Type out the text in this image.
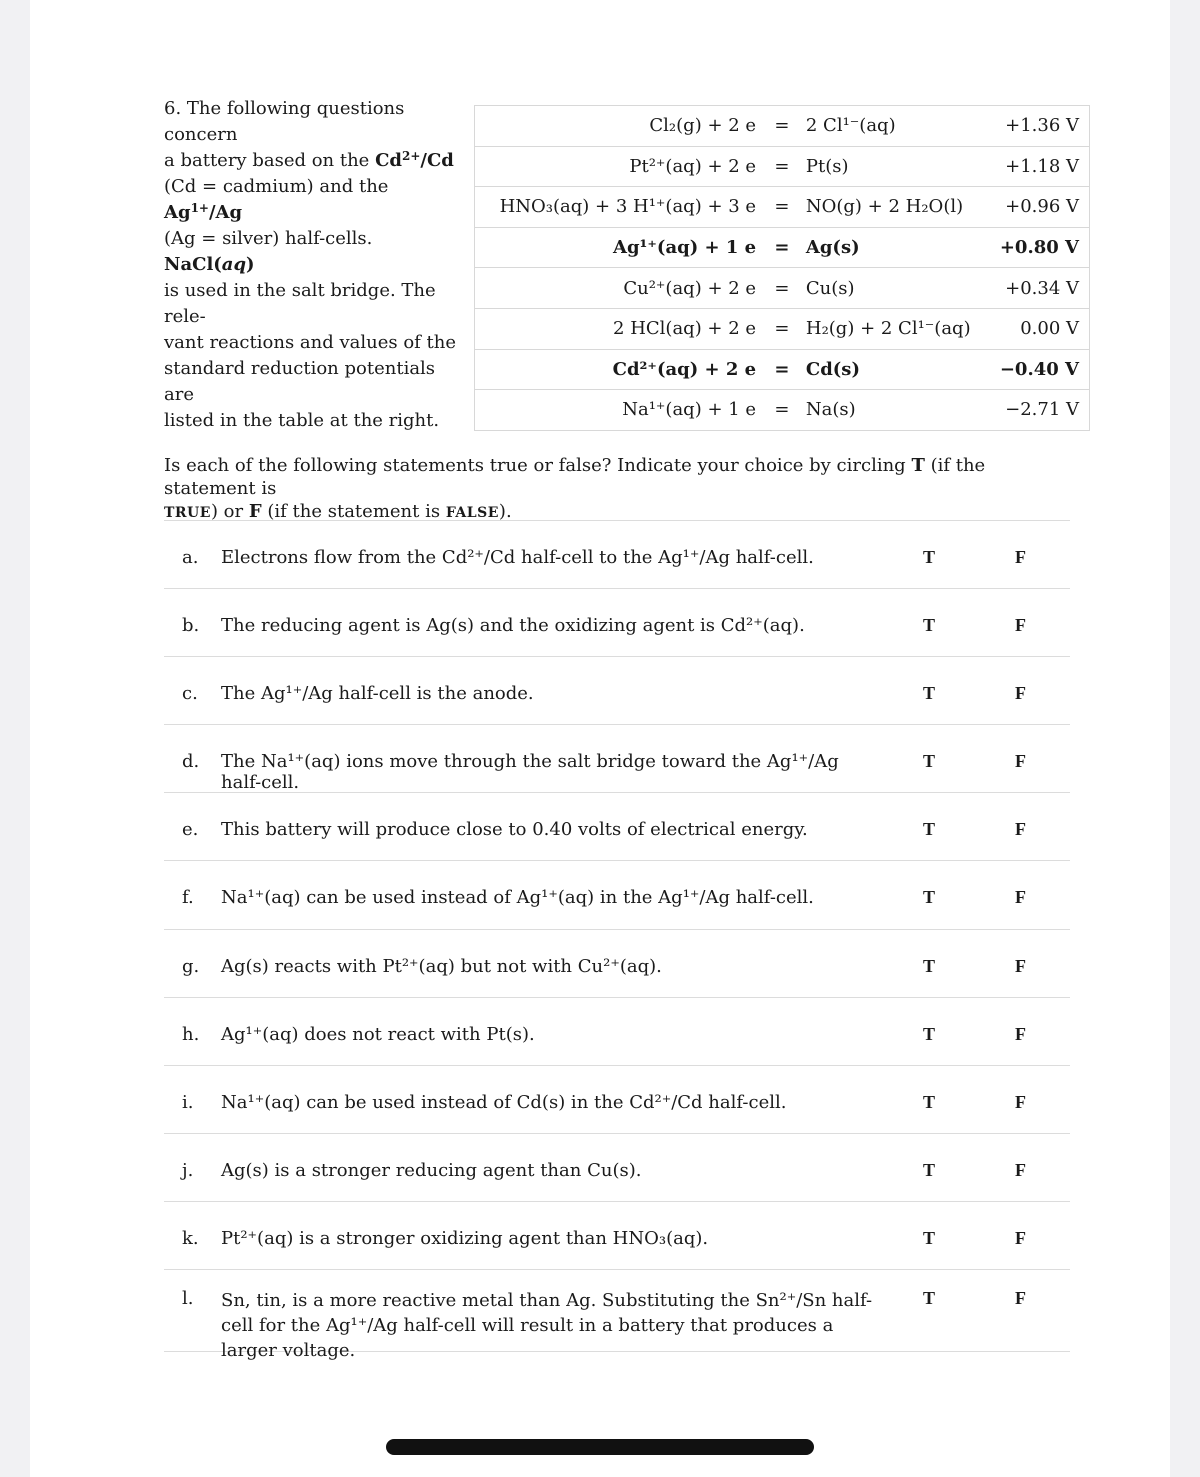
6. The following questions concern
a battery based on the $Cd^{2+}/Cd$
(Cd = cadmium) and the $Ag^{1+}/Ag$
(Ag = silver) half-cells. NaCl(aq)
is used in the salt bridge. The rele-
vant reactions and values of the
standard reduction potentials are
listed in the table at the right.
Cl₂(g) + 2 e	=	2 Cl¹⁻(aq)	+1.36 V
Pt²⁺(aq) + 2 e	=	Pt(s)	+1.18 V
HNO₃(aq) + 3 H¹⁺(aq) + 3 e	=	NO(g) + 2 H₂O(l)	+0.96 V
Ag¹⁺(aq) + 1 e	=	Ag(s)	+0.80 V
Cu²⁺(aq) + 2 e	=	Cu(s)	+0.34 V
2 HCl(aq) + 2 e	=	H₂(g) + 2 Cl¹⁻(aq)	0.00 V
Cd²⁺(aq) + 2 e	=	Cd(s)	−0.40 V
Na¹⁺(aq) + 1 e	=	Na(s)	−2.71 V
Is each of the following statements true or false? Indicate your choice by circling T (if the statement is
TRUE) or F (if the statement is FALSE).
a.	Electrons flow from the Cd²⁺/Cd half-cell to the Ag¹⁺/Ag half-cell.	T	F
b.	The reducing agent is Ag(s) and the oxidizing agent is Cd²⁺(aq).	T	F
c.	The Ag¹⁺/Ag half-cell is the anode.	T	F
d.	The Na¹⁺(aq) ions move through the salt bridge toward the Ag¹⁺/Ag half-cell.
T	F
e.	This battery will produce close to 0.40 volts of electrical energy.	T	F
f.	Na¹⁺(aq) can be used instead of Ag¹⁺(aq) in the Ag¹⁺/Ag half-cell.	T	F
g.	Ag(s) reacts with Pt²⁺(aq) but not with Cu²⁺(aq).	T	F
h.	Ag¹⁺(aq) does not react with Pt(s).	T	F
i.	Na¹⁺(aq) can be used instead of Cd(s) in the Cd²⁺/Cd half-cell.	T	F
j.	Ag(s) is a stronger reducing agent than Cu(s).	T	F
k.	Pt²⁺(aq) is a stronger oxidizing agent than HNO₃(aq).	T	F
l.	Sn, tin, is a more reactive metal than Ag. Substituting the Sn²⁺/Sn half-cell for the Ag¹⁺/Ag half-cell will result in a battery that produces a larger voltage.
T	F
